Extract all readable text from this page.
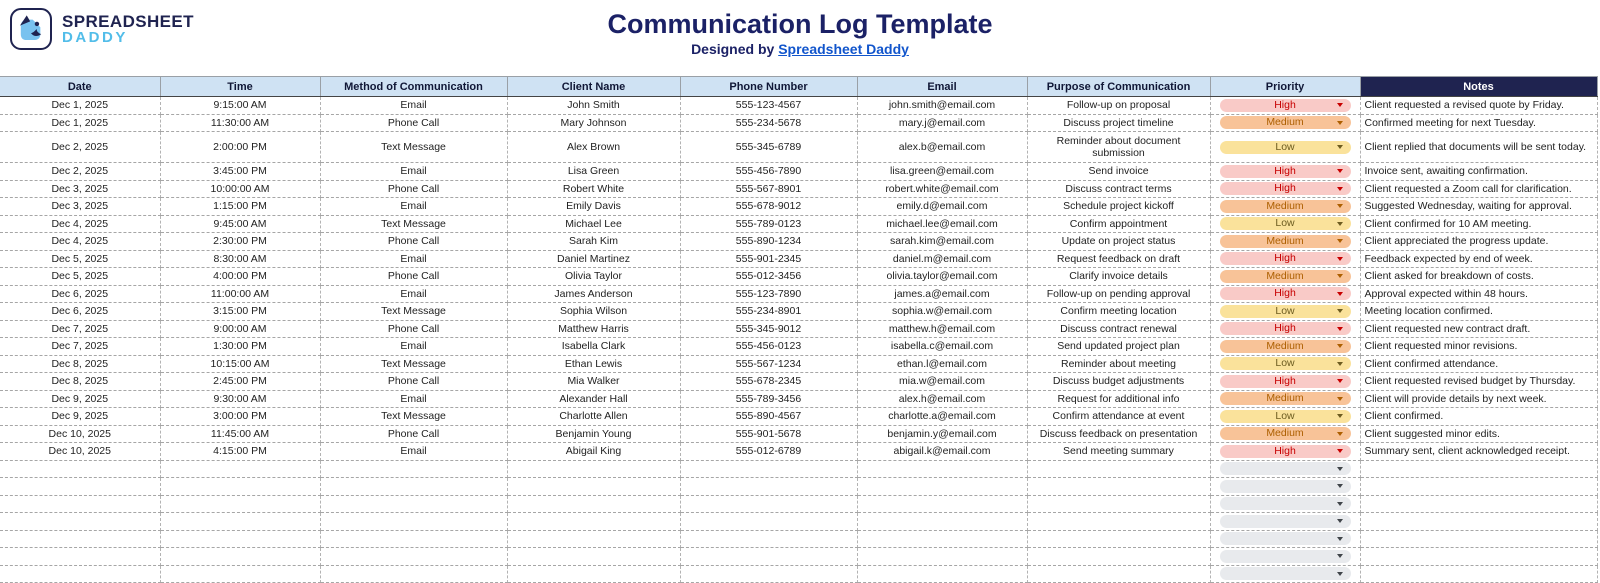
SPREADSHEET
DADDY	Communication Log Template
Designed by Spreadsheet Daddy
Date	Time	Method of Communication	Client Name	Phone Number	Email	Purpose of Communication	Priority	Notes
Dec 1, 2025	9:15:00 AM	Email	John Smith	555-123-4567	john.smith@email.com	Follow-up on proposal	High	Client requested a revised quote by Friday.
Dec 1, 2025	11:30:00 AM	Phone Call	Mary Johnson	555-234-5678	mary.j@email.com	Discuss project timeline	Medium	Confirmed meeting for next Tuesday.
Dec 2, 2025	2:00:00 PM	Text Message	Alex Brown	555-345-6789	alex.b@email.com	Reminder about document submission	Low	Client replied that documents will be sent today.
Dec 2, 2025	3:45:00 PM	Email	Lisa Green	555-456-7890	lisa.green@email.com	Send invoice	High	Invoice sent, awaiting confirmation.
Dec 3, 2025	10:00:00 AM	Phone Call	Robert White	555-567-8901	robert.white@email.com	Discuss contract terms	High	Client requested a Zoom call for clarification.
Dec 3, 2025	1:15:00 PM	Email	Emily Davis	555-678-9012	emily.d@email.com	Schedule project kickoff	Medium	Suggested Wednesday, waiting for approval.
Dec 4, 2025	9:45:00 AM	Text Message	Michael Lee	555-789-0123	michael.lee@email.com	Confirm appointment	Low	Client confirmed for 10 AM meeting.
Dec 4, 2025	2:30:00 PM	Phone Call	Sarah Kim	555-890-1234	sarah.kim@email.com	Update on project status	Medium	Client appreciated the progress update.
Dec 5, 2025	8:30:00 AM	Email	Daniel Martinez	555-901-2345	daniel.m@email.com	Request feedback on draft	High	Feedback expected by end of week.
Dec 5, 2025	4:00:00 PM	Phone Call	Olivia Taylor	555-012-3456	olivia.taylor@email.com	Clarify invoice details	Medium	Client asked for breakdown of costs.
Dec 6, 2025	11:00:00 AM	Email	James Anderson	555-123-7890	james.a@email.com	Follow-up on pending approval	High	Approval expected within 48 hours.
Dec 6, 2025	3:15:00 PM	Text Message	Sophia Wilson	555-234-8901	sophia.w@email.com	Confirm meeting location	Low	Meeting location confirmed.
Dec 7, 2025	9:00:00 AM	Phone Call	Matthew Harris	555-345-9012	matthew.h@email.com	Discuss contract renewal	High	Client requested new contract draft.
Dec 7, 2025	1:30:00 PM	Email	Isabella Clark	555-456-0123	isabella.c@email.com	Send updated project plan	Medium	Client requested minor revisions.
Dec 8, 2025	10:15:00 AM	Text Message	Ethan Lewis	555-567-1234	ethan.l@email.com	Reminder about meeting	Low	Client confirmed attendance.
Dec 8, 2025	2:45:00 PM	Phone Call	Mia Walker	555-678-2345	mia.w@email.com	Discuss budget adjustments	High	Client requested revised budget by Thursday.
Dec 9, 2025	9:30:00 AM	Email	Alexander Hall	555-789-3456	alex.h@email.com	Request for additional info	Medium	Client will provide details by next week.
Dec 9, 2025	3:00:00 PM	Text Message	Charlotte Allen	555-890-4567	charlotte.a@email.com	Confirm attendance at event	Low	Client confirmed.
Dec 10, 2025	11:45:00 AM	Phone Call	Benjamin Young	555-901-5678	benjamin.y@email.com	Discuss feedback on presentation	Medium	Client suggested minor edits.
Dec 10, 2025	4:15:00 PM	Email	Abigail King	555-012-6789	abigail.k@email.com	Send meeting summary	High	Summary sent, client acknowledged receipt.
